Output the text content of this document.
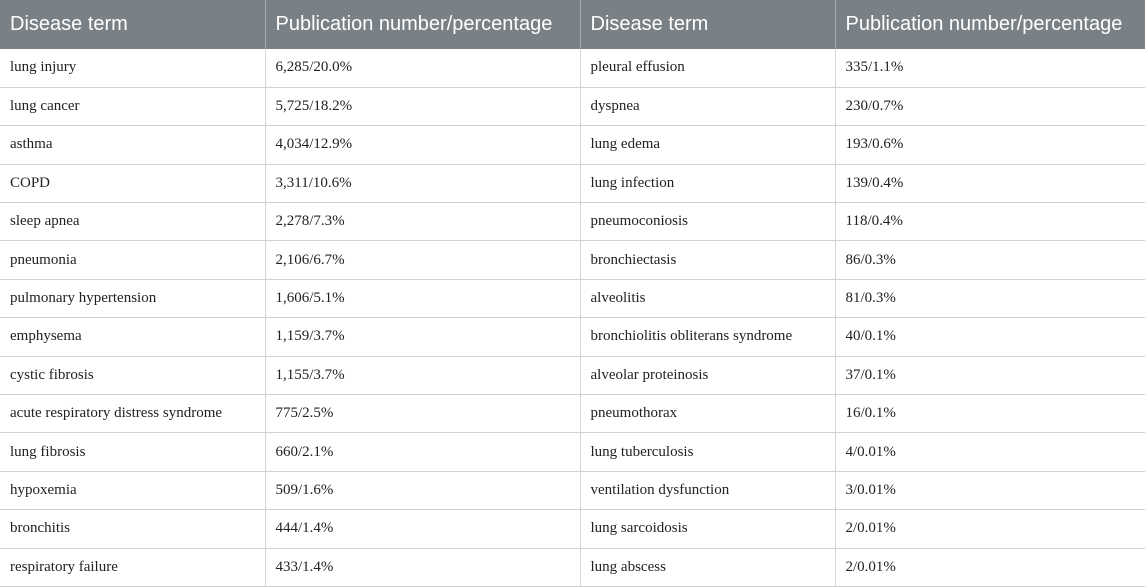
Disease term	Publication number/percentage	Disease term	Publication number/percentage
lung injury	6,285/20.0%	pleural effusion	335/1.1%
lung cancer	5,725/18.2%	dyspnea	230/0.7%
asthma	4,034/12.9%	lung edema	193/0.6%
COPD	3,311/10.6%	lung infection	139/0.4%
sleep apnea	2,278/7.3%	pneumoconiosis	118/0.4%
pneumonia	2,106/6.7%	bronchiectasis	86/0.3%
pulmonary hypertension	1,606/5.1%	alveolitis	81/0.3%
emphysema	1,159/3.7%	bronchiolitis obliterans syndrome	40/0.1%
cystic fibrosis	1,155/3.7%	alveolar proteinosis	37/0.1%
acute respiratory distress syndrome	775/2.5%	pneumothorax	16/0.1%
lung fibrosis	660/2.1%	lung tuberculosis	4/0.01%
hypoxemia	509/1.6%	ventilation dysfunction	3/0.01%
bronchitis	444/1.4%	lung sarcoidosis	2/0.01%
respiratory failure	433/1.4%	lung abscess	2/0.01%
